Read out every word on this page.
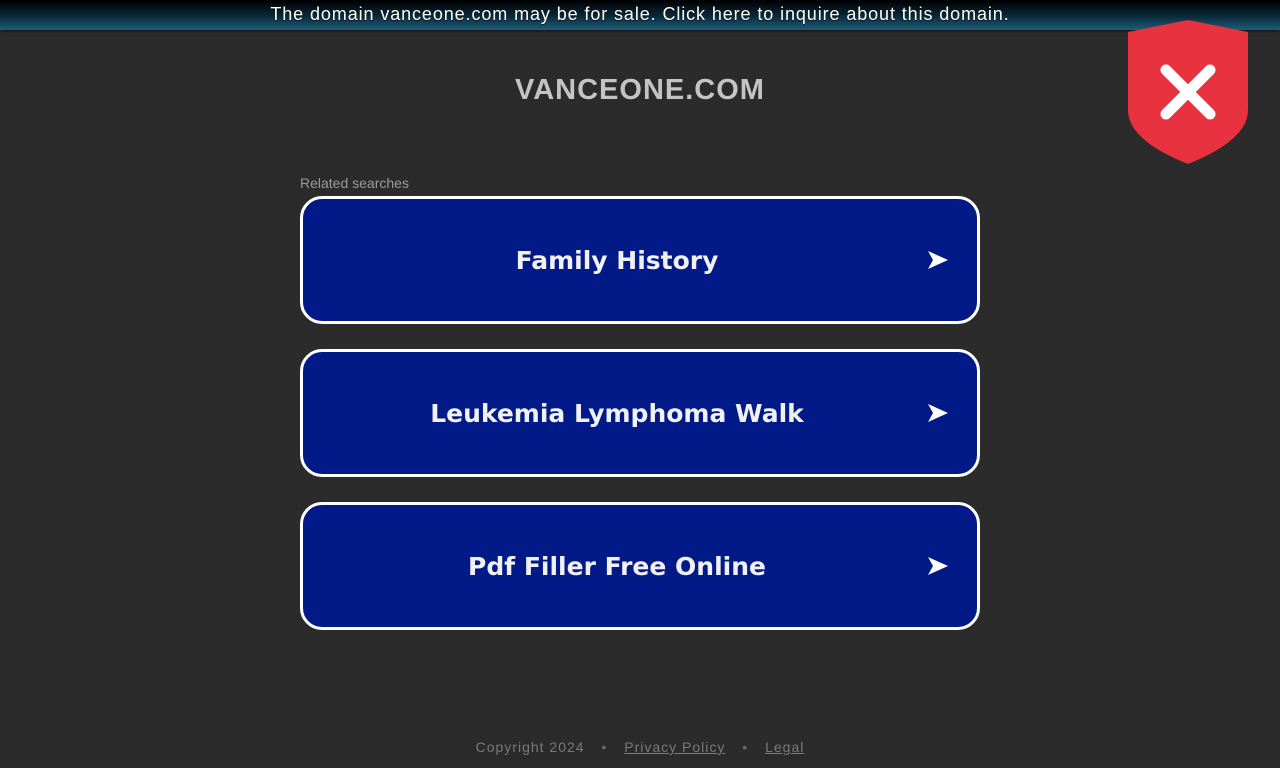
The domain vanceone.com may be for sale. Click here to inquire about this domain.
VANCEONE.COM
Related searches
Family History
Leukemia Lymphoma Walk
Pdf Filler Free Online
Copyright 2024 • Privacy Policy • Legal
